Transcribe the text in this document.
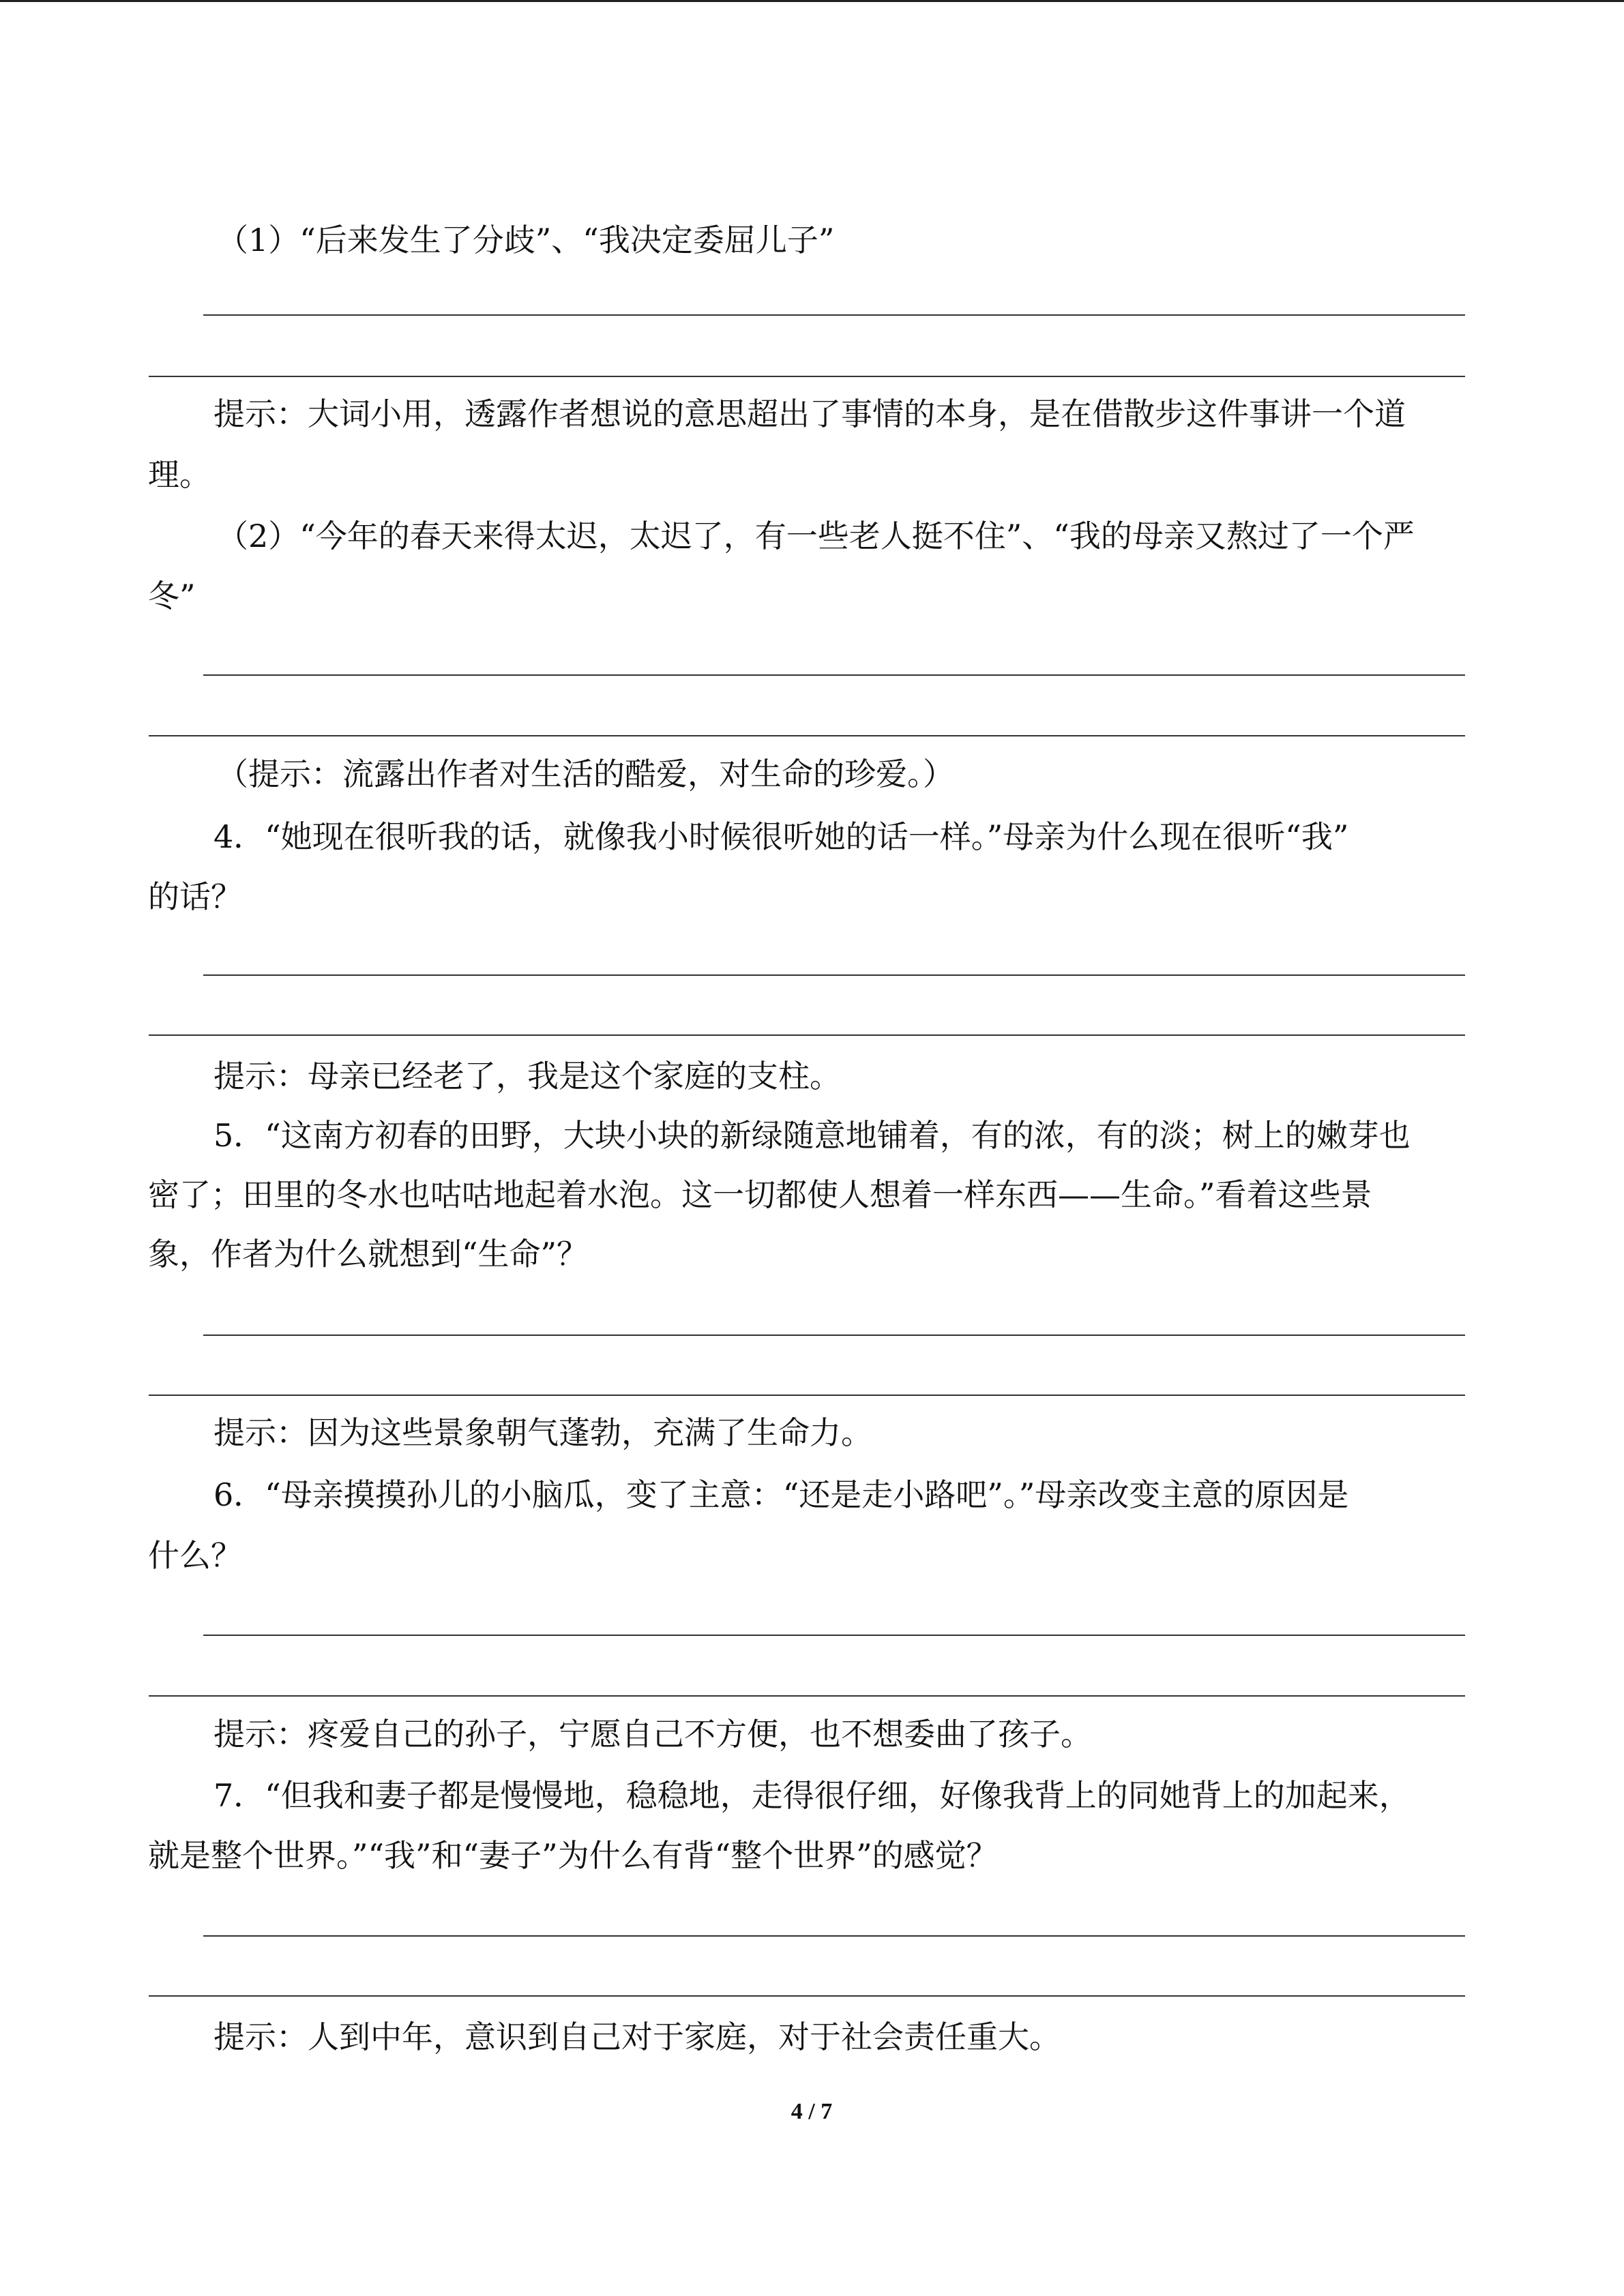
（1）“后来发生了分歧”、“我决定委屈儿子”
提示：大词小用，透露作者想说的意思超出了事情的本身，是在借散步这件事讲一个道
理。
（2）“今年的春天来得太迟，太迟了，有一些老人挺不住”、“我的母亲又熬过了一个严
冬”
（提示：流露出作者对生活的酷爱，对生命的珍爱。）
4．“她现在很听我的话，就像我小时候很听她的话一样。”母亲为什么现在很听“我”
的话？
提示：母亲已经老了，我是这个家庭的支柱。
5．“这南方初春的田野，大块小块的新绿随意地铺着，有的浓，有的淡；树上的嫩芽也
密了；田里的冬水也咕咕地起着水泡。这一切都使人想着一样东西——生命。”看着这些景
象，作者为什么就想到“生命”？
提示：因为这些景象朝气蓬勃，充满了生命力。
6．“母亲摸摸孙儿的小脑瓜，变了主意：“还是走小路吧”。”母亲改变主意的原因是
什么？
提示：疼爱自己的孙子，宁愿自己不方便，也不想委曲了孩子。
7．“但我和妻子都是慢慢地，稳稳地，走得很仔细，好像我背上的同她背上的加起来，
就是整个世界。”“我”和“妻子”为什么有背“整个世界”的感觉？
提示：人到中年，意识到自己对于家庭，对于社会责任重大。
4 / 7
